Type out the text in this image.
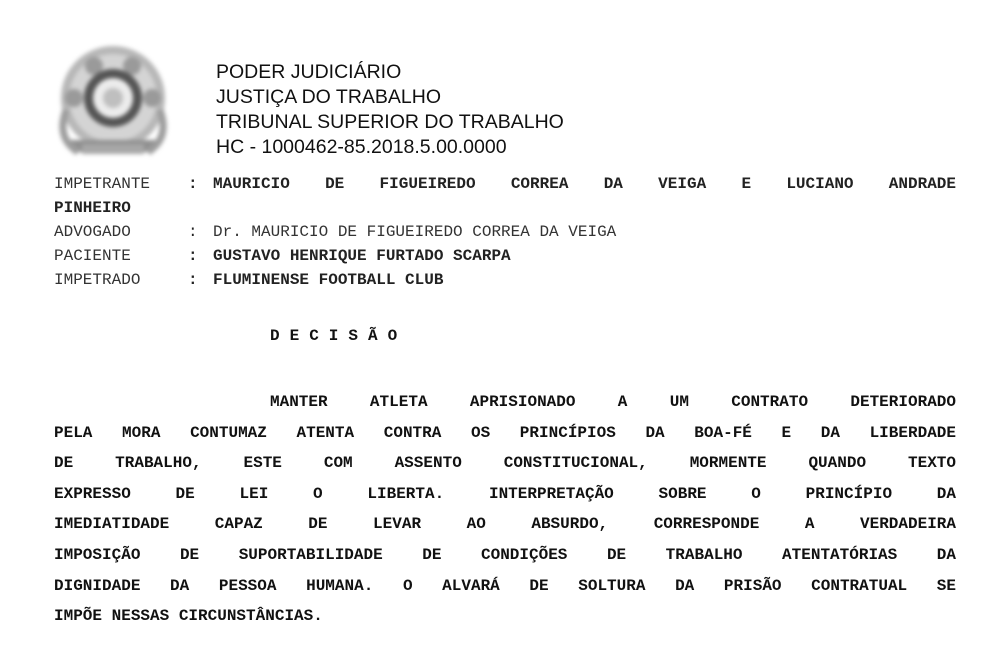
PODER JUDICIÁRIO
JUSTIÇA DO TRABALHO
TRIBUNAL SUPERIOR DO TRABALHO
HC - 1000462-85.2018.5.00.0000
IMPETRANTE : MAURICIO DE FIGUEIREDO CORREA DA VEIGA E LUCIANO ANDRADE
PINHEIRO
ADVOGADO	: Dr. MAURICIO DE FIGUEIREDO CORREA DA VEIGA
PACIENTE	: GUSTAVO HENRIQUE FURTADO SCARPA
IMPETRADO	: FLUMINENSE FOOTBALL CLUB
DECISÃO
MANTER ATLETA APRISIONADO A UM CONTRATO DETERIORADO
PELA MORA CONTUMAZ ATENTA CONTRA OS PRINCÍPIOS DA BOA-FÉ E DA LIBERDADE
DE TRABALHO, ESTE COM ASSENTO CONSTITUCIONAL, MORMENTE QUANDO TEXTO
EXPRESSO DE LEI O LIBERTA. INTERPRETAÇÃO SOBRE O PRINCÍPIO DA
IMEDIATIDADE CAPAZ DE LEVAR AO ABSURDO, CORRESPONDE A VERDADEIRA
IMPOSIÇÃO DE SUPORTABILIDADE DE CONDIÇÕES DE TRABALHO ATENTATÓRIAS DA
DIGNIDADE DA PESSOA HUMANA. O ALVARÁ DE SOLTURA DA PRISÃO CONTRATUAL SE
IMPÕE NESSAS CIRCUNSTÂNCIAS.
